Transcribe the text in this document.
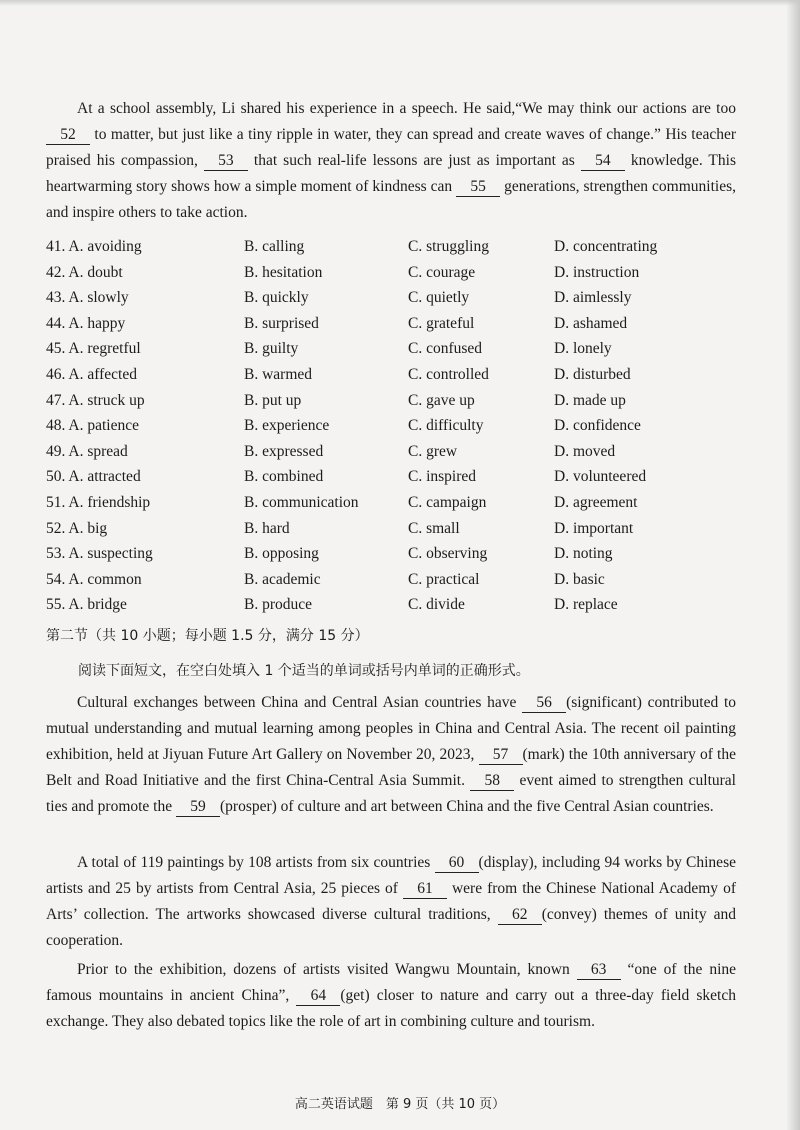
At a school assembly, Li shared his experience in a speech. He said,“We may think our actions are too 52 to matter, but just like a tiny ripple in water, they can spread and create waves of change.” His teacher praised his compassion, 53 that such real-life lessons are just as important as 54 knowledge. This heartwarming story shows how a simple moment of kindness can 55 generations, strengthen communities, and inspire others to take action.

41. A. avoiding	B. calling	C. struggling	D. concentrating
42. A. doubt	B. hesitation	C. courage	D. instruction
43. A. slowly	B. quickly	C. quietly	D. aimlessly
44. A. happy	B. surprised	C. grateful	D. ashamed
45. A. regretful	B. guilty	C. confused	D. lonely
46. A. affected	B. warmed	C. controlled	D. disturbed
47. A. struck up	B. put up	C. gave up	D. made up
48. A. patience	B. experience	C. difficulty	D. confidence
49. A. spread	B. expressed	C. grew	D. moved
50. A. attracted	B. combined	C. inspired	D. volunteered
51. A. friendship	B. communication	C. campaign	D. agreement
52. A. big	B. hard	C. small	D. important
53. A. suspecting	B. opposing	C. observing	D. noting
54. A. common	B. academic	C. practical	D. basic
55. A. bridge	B. produce	C. divide	D. replace
第二节（共 10 小题；每小题 1.5 分，满分 15 分）
阅读下面短文，在空白处填入 1 个适当的单词或括号内单词的正确形式。

Cultural exchanges between China and Central Asian countries have 56 (significant) contributed to mutual understanding and mutual learning among peoples in China and Central Asia. The recent oil painting exhibition, held at Jiyuan Future Art Gallery on November 20, 2023, 57 (mark) the 10th anniversary of the Belt and Road Initiative and the first China-Central Asia Summit. 58 event aimed to strengthen cultural ties and promote the 59 (prosper) of culture and art between China and the five Central Asian countries.

A total of 119 paintings by 108 artists from six countries 60 (display), including 94 works by Chinese artists and 25 by artists from Central Asia, 25 pieces of 61 were from the Chinese National Academy of Arts’ collection. The artworks showcased diverse cultural traditions, 62 (convey) themes of unity and cooperation.

Prior to the exhibition, dozens of artists visited Wangwu Mountain, known 63 “one of the nine famous mountains in ancient China”, 64 (get) closer to nature and carry out a three-day field sketch exchange. They also debated topics like the role of art in combining culture and tourism.

高二英语试题　第 9 页（共 10 页）
